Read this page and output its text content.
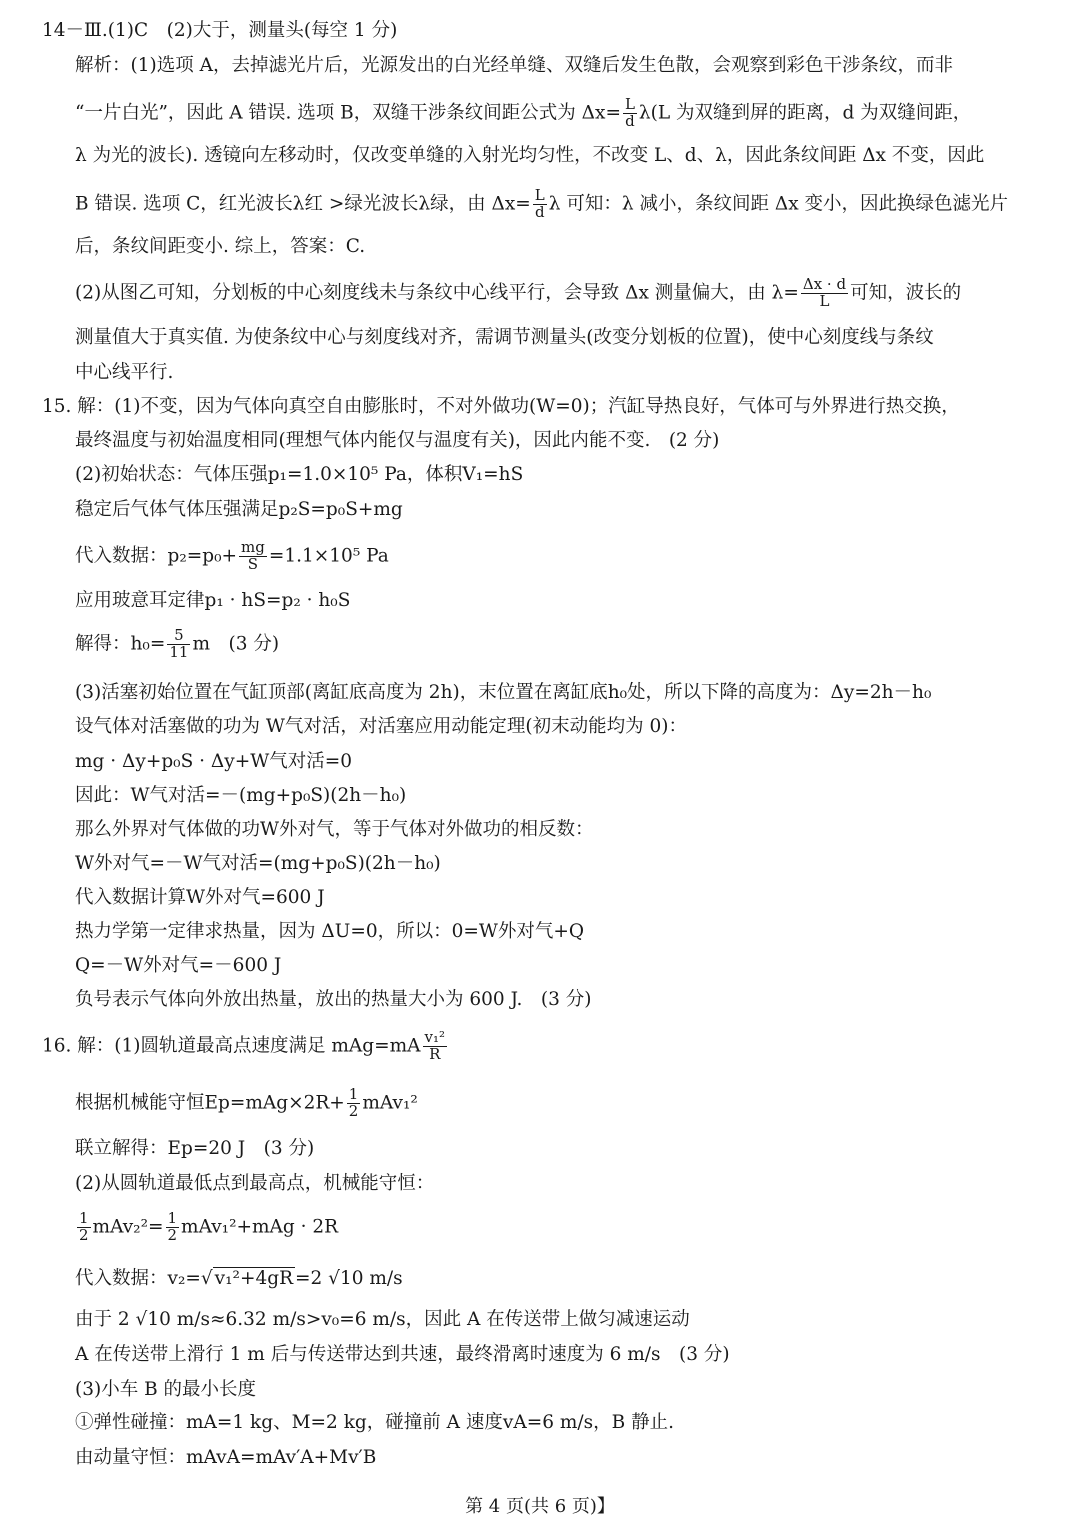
14－Ⅲ.(1)C　(2)大于，测量头(每空 1 分)
解析：(1)选项 A，去掉滤光片后，光源发出的白光经单缝、双缝后发生色散，会观察到彩色干涉条纹，而非
“一片白光”，因此 A 错误. 选项 B，双缝干涉条纹间距公式为 $\Delta x= \frac{L}{d} \lambda(L$ 为双缝到屏的距离，d 为双缝间距，
λ 为光的波长). 透镜向左移动时，仅改变单缝的入射光均匀性，不改变 L、d、λ，因此条纹间距 Δx 不变，因此
B 错误. 选项 C，红光波长λ红 >绿光波长λ绿，由 $\Delta x= \frac{L}{d}$ λ 可知：λ 减小，条纹间距 Δx 变小，因此换绿色滤光片
后，条纹间距变小. 综上，答案：C.
(2)从图乙可知，分划板的中心刻度线未与条纹中心线平行，会导致 Δx 测量偏大，由 $\lambda= \frac{\Delta x \cdot d}{L}$ 可知，波长的
测量值大于真实值. 为使条纹中心与刻度线对齐，需调节测量头(改变分划板的位置)，使中心刻度线与条纹
中心线平行.
15. 解：(1)不变，因为气体向真空自由膨胀时，不对外做功(W=0)；汽缸导热良好，气体可与外界进行热交换，
最终温度与初始温度相同(理想气体内能仅与温度有关)，因此内能不变.　(2 分)
(2)初始状态：气体压强p₁=1.0×10⁵ Pa，体积V₁=hS
稳定后气体气体压强满足p₂S=p₀S+mg
代入数据：$p_2=p_0+ \frac{mg}{S} =1.1\times 10^5$ Pa
应用玻意耳定律p₁ · hS=p₂ · h₀S
解得：$h_0= \frac{5}{11}$ m　(3 分)
(3)活塞初始位置在气缸顶部(离缸底高度为 2h)，末位置在离缸底h₀处，所以下降的高度为：Δy=2h－h₀
设气体对活塞做的功为 W气对活，对活塞应用动能定理(初末动能均为 0)：
mg · Δy+p₀S · Δy+W气对活=0
因此：W气对活=－(mg+p₀S)(2h－h₀)
那么外界对气体做的功W外对气，等于气体对外做功的相反数：
W外对气=－W气对活=(mg+p₀S)(2h－h₀)
代入数据计算W外对气=600 J
热力学第一定律求热量，因为 ΔU=0，所以：0=W外对气+Q
Q=－W外对气=－600 J
负号表示气体向外放出热量，放出的热量大小为 600 J.　(3 分)
16. 解：(1)圆轨道最高点速度满足 $mAg=mA \frac{\text{v₁²}}{R}$
根据机械能守恒$Ep=mAg\times 2R+ \frac{1}{2} mAv_1^2$
联立解得：Ep=20 J　(3 分)
(2)从圆轨道最低点到最高点，机械能守恒：
$\frac{1}{2} mAv_2^2= \frac{1}{2} mAv_1^2+mAg \cdot 2R$
代入数据：v₂=√ v₁²+4gR =2 √10 m/s
由于 2 √10 m/s≈6.32 m/s>v₀=6 m/s，因此 A 在传送带上做匀减速运动
A 在传送带上滑行 1 m 后与传送带达到共速，最终滑离时速度为 6 m/s　(3 分)
(3)小车 B 的最小长度
①弹性碰撞：mA=1 kg、M=2 kg，碰撞前 A 速度vA=6 m/s，B 静止.
由动量守恒：mAvA=mAv′A+Mv′B
第 4 页(共 6 页)】
